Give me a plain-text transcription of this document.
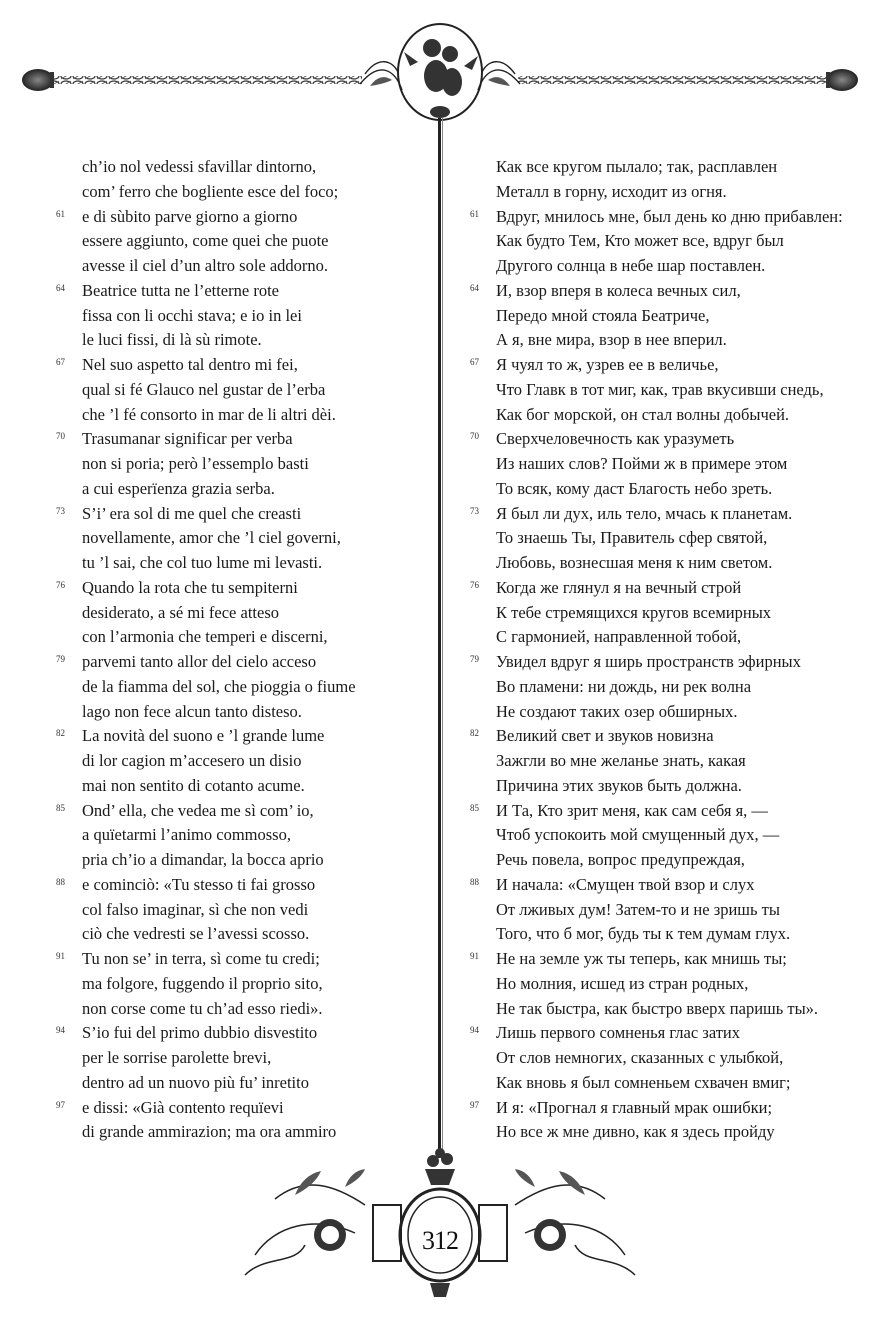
ch’io nol vedessi sfavillar dintorno,
com’ ferro che bogliente esce del foco;
61 e di sùbito parve giorno a giorno
essere aggiunto, come quei che puote
avesse il ciel d’un altro sole addorno.
64 Beatrice tutta ne l’etterne rote
fissa con li occhi stava; e io in lei
le luci fissi, di là sù rimote.
67 Nel suo aspetto tal dentro mi fei,
qual si fé Glauco nel gustar de l’erba
che ’l fé consorto in mar de li altri dèi.
70 Trasumanar significar per verba
non si poria; però l’essemplo basti
a cui esperïenza grazia serba.
73 S’i’ era sol di me quel che creasti
novellamente, amor che ’l ciel governi,
tu ’l sai, che col tuo lume mi levasti.
76 Quando la rota che tu sempiterni
desiderato, a sé mi fece atteso
con l’armonia che temperi e discerni,
79 parvemi tanto allor del cielo acceso
de la fiamma del sol, che pioggia o fiume
lago non fece alcun tanto disteso.
82 La novità del suono e ’l grande lume
di lor cagion m’accesero un disio
mai non sentito di cotanto acume.
85 Ond’ ella, che vedea me sì com’ io,
a quïetarmi l’animo commosso,
pria ch’io a dimandar, la bocca aprio
88 e cominciò: «Tu stesso ti fai grosso
col falso imaginar, sì che non vedi
ciò che vedresti se l’avessi scosso.
91 Tu non se’ in terra, sì come tu credi;
ma folgore, fuggendo il proprio sito,
non corse come tu ch’ad esso riedi».
94 S’io fui del primo dubbio disvestito
per le sorrise parolette brevi,
dentro ad un nuovo più fu’ inretito
97 e dissi: «Già contento requïevi
di grande ammirazion; ma ora ammiro
Как все кругом пылало; так, расплавлен
Металл в горну, исходит из огня.
61 Вдруг, мнилось мне, был день ко дню прибавлен:
Как будто Тем, Кто может все, вдруг был
Другого солнца в небе шар поставлен.
64 И, взор вперя в колеса вечных сил,
Передо мной стояла Беатриче,
А я, вне мира, взор в нее вперил.
67 Я чуял то ж, узрев ее в величье,
Что Главк в тот миг, как, трав вкусивши снедь,
Как бог морской, он стал волны добычей.
70 Сверхчеловечность как уразуметь
Из наших слов? Пойми ж в примере этом
То всяк, кому даст Благость небо зреть.
73 Я был ли дух, иль тело, мчась к планетам.
То знаешь Ты, Правитель сфер святой,
Любовь, вознесшая меня к ним светом.
76 Когда же глянул я на вечный строй
К тебе стремящихся кругов всемирных
С гармонией, направленной тобой,
79 Увидел вдруг я ширь пространств эфирных
Во пламени: ни дождь, ни рек волна
Не создают таких озер обширных.
82 Великий свет и звуков новизна
Зажгли во мне желанье знать, какая
Причина этих звуков быть должна.
85 И Та, Кто зрит меня, как сам себя я, —
Чтоб успокоить мой смущенный дух, —
Речь повела, вопрос предупреждая,
88 И начала: «Смущен твой взор и слух
От лживых дум! Затем-то и не зришь ты
Того, что б мог, будь ты к тем думам глух.
91 Не на земле уж ты теперь, как мнишь ты;
Но молния, исшед из стран родных,
Не так быстра, как быстро вверх паришь ты».
94 Лишь первого сомненья глас затих
От слов немногих, сказанных с улыбкой,
Как вновь я был сомненьем схвачен вмиг;
97 И я: «Прогнал я главный мрак ошибки;
Но все ж мне дивно, как я здесь пройду
312
